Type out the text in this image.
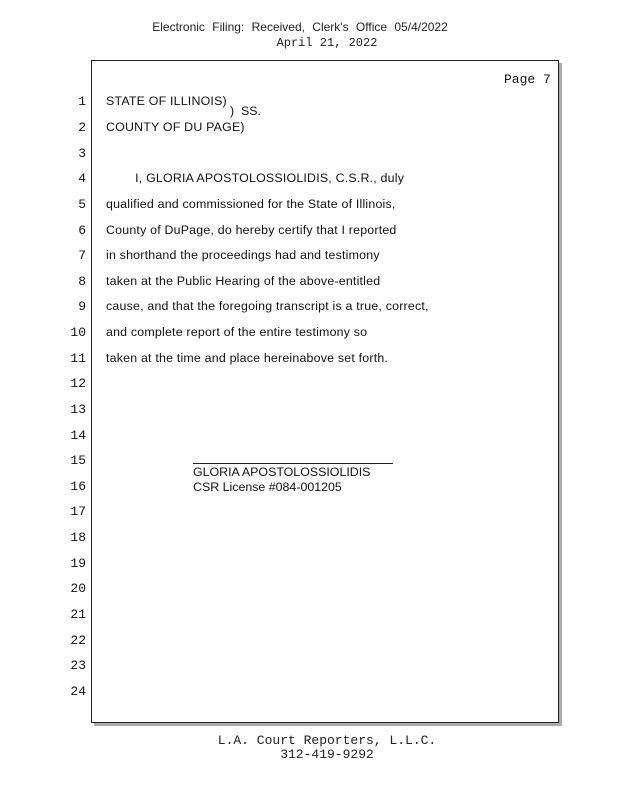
Electronic Filing: Received, Clerk's Office 05/4/2022
April 21, 2022
Page 7
1
2
3
4
5
6
7
8
9
10
11
12
13
14
15
16
17
18
19
20
21
22
23
24
STATE OF ILLINOIS)
)  SS.
COUNTY OF DU PAGE)
I, GLORIA APOSTOLOSSIOLIDIS, C.S.R., duly
qualified and commissioned for the State of Illinois,
County of DuPage, do hereby certify that I reported
in shorthand the proceedings had and testimony
taken at the Public Hearing of the above-entitled
cause, and that the foregoing transcript is a true, correct,
and complete report of the entire testimony so
taken at the time and place hereinabove set forth.
GLORIA APOSTOLOSSIOLIDIS
CSR License #084-001205
L.A. Court Reporters, L.L.C.
312-419-9292
